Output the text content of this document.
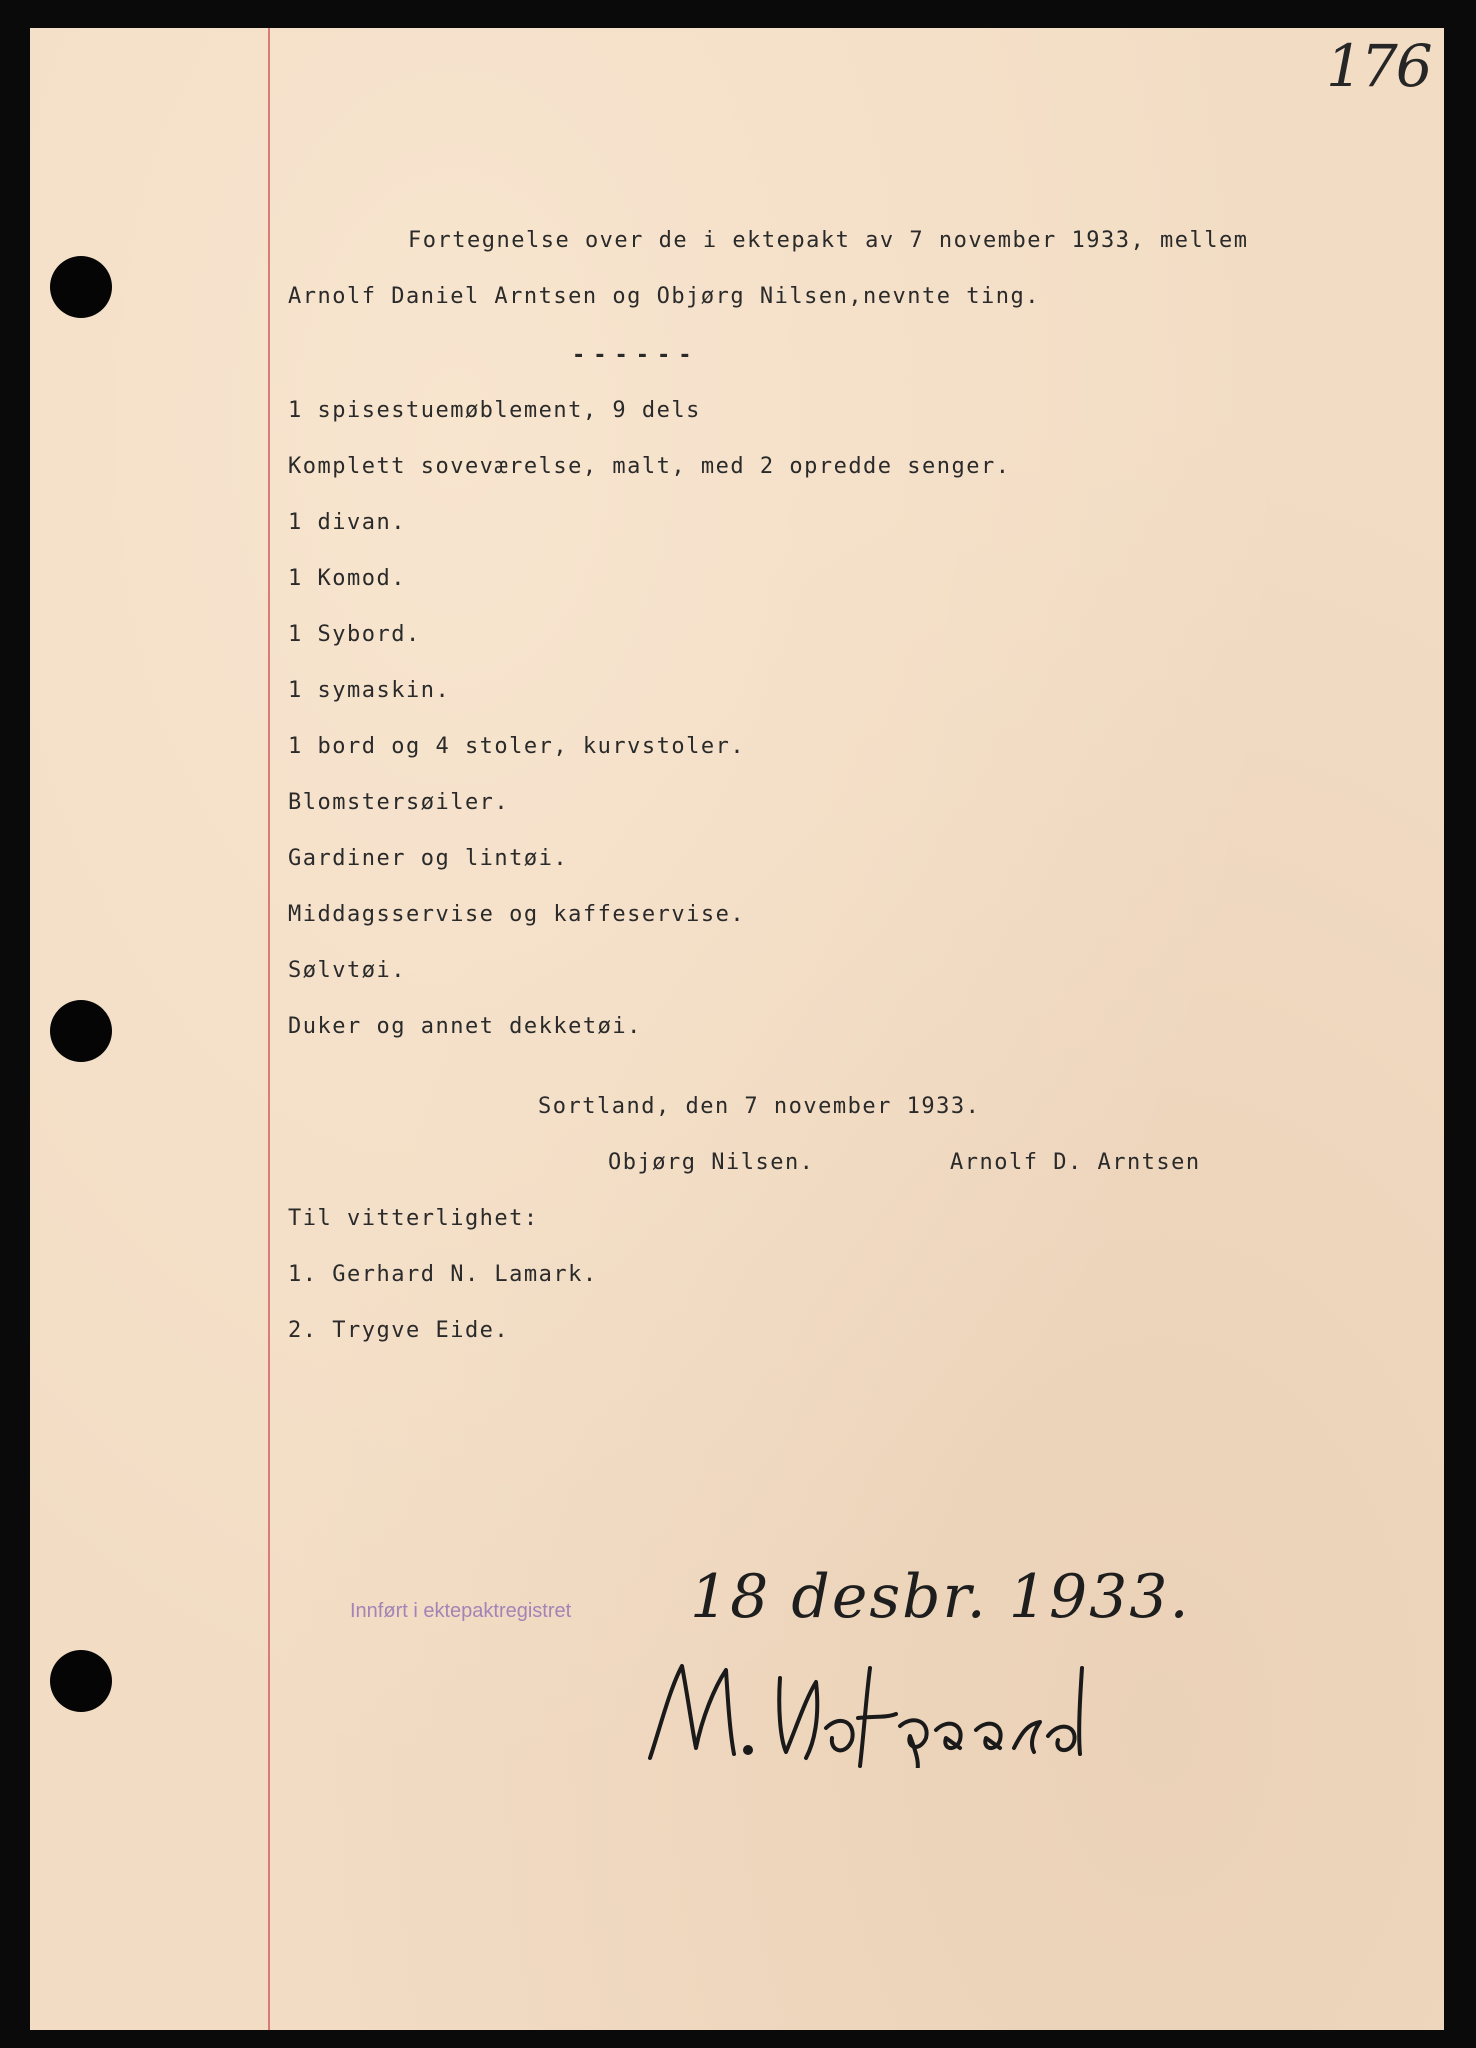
176
Fortegnelse over de i ektepakt av 7 november 1933, mellem
Arnolf Daniel Arntsen og Objørg Nilsen,nevnte ting.
------
1 spisestuemøblement, 9 dels
Komplett soveværelse, malt, med 2 opredde senger.
1 divan.
1 Komod.
1 Sybord.
1 symaskin.
1 bord og 4 stoler, kurvstoler.
Blomstersøiler.
Gardiner og lintøi.
Middagsservise og kaffeservise.
Sølvtøi.
Duker og annet dekketøi.
Sortland, den 7 november 1933.
Objørg Nilsen.	Arnolf D. Arntsen
Til vitterlighet:
1. Gerhard N. Lamark.
2. Trygve Eide.
Innført i ektepaktregistret 18 desbr. 1933.
